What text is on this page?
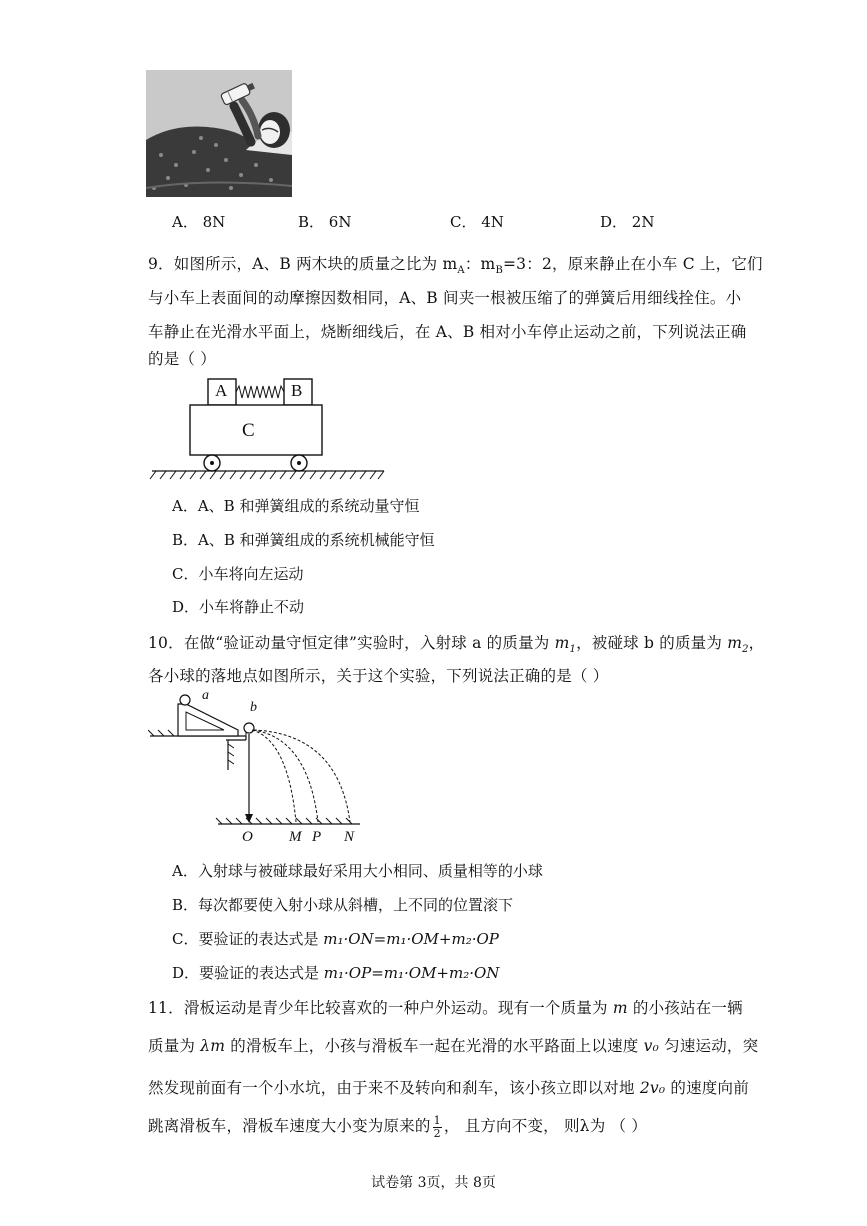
A． 8N	B． 6N	C． 4N	D． 2N
9．如图所示，A、B 两木块的质量之比为 $m_A$：$m_B=3$：2，原来静止在小车 C 上，它们
与小车上表面间的动摩擦因数相同，A、B 间夹一根被压缩了的弹簧后用细线拴住。小
车静止在光滑水平面上，烧断细线后，在 A、B 相对小车停止运动之前，下列说法正确
的是（ ）
A	B
C
A．A、B 和弹簧组成的系统动量守恒
B．A、B 和弹簧组成的系统机械能守恒
C．小车将向左运动
D．小车将静止不动
10．在做“验证动量守恒定律”实验时，入射球 a 的质量为 $m_1$，被碰球 b 的质量为 $m_2$，
各小球的落地点如图所示，关于这个实验，下列说法正确的是（ ）
a
b
O M P N
A．入射球与被碰球最好采用大小相同、质量相等的小球
B．每次都要使入射小球从斜槽，上不同的位置滚下
C．要验证的表达式是 m₁·ON=m₁·OM+m₂·OP
D．要验证的表达式是 m₁·OP=m₁·OM+m₂·ON
11．滑板运动是青少年比较喜欢的一种户外运动。现有一个质量为 m 的小孩站在一辆
质量为 λm 的滑板车上，小孩与滑板车一起在光滑的水平路面上以速度 v₀ 匀速运动，突
然发现前面有一个小水坑，由于来不及转向和刹车，该小孩立即以对地 2v₀ 的速度向前
跳离滑板车，滑板车速度大小变为原来的 $\frac{1}{2}$ ， 且方向不变， 则λ为 （ ）
试卷第 3页，共 8页
